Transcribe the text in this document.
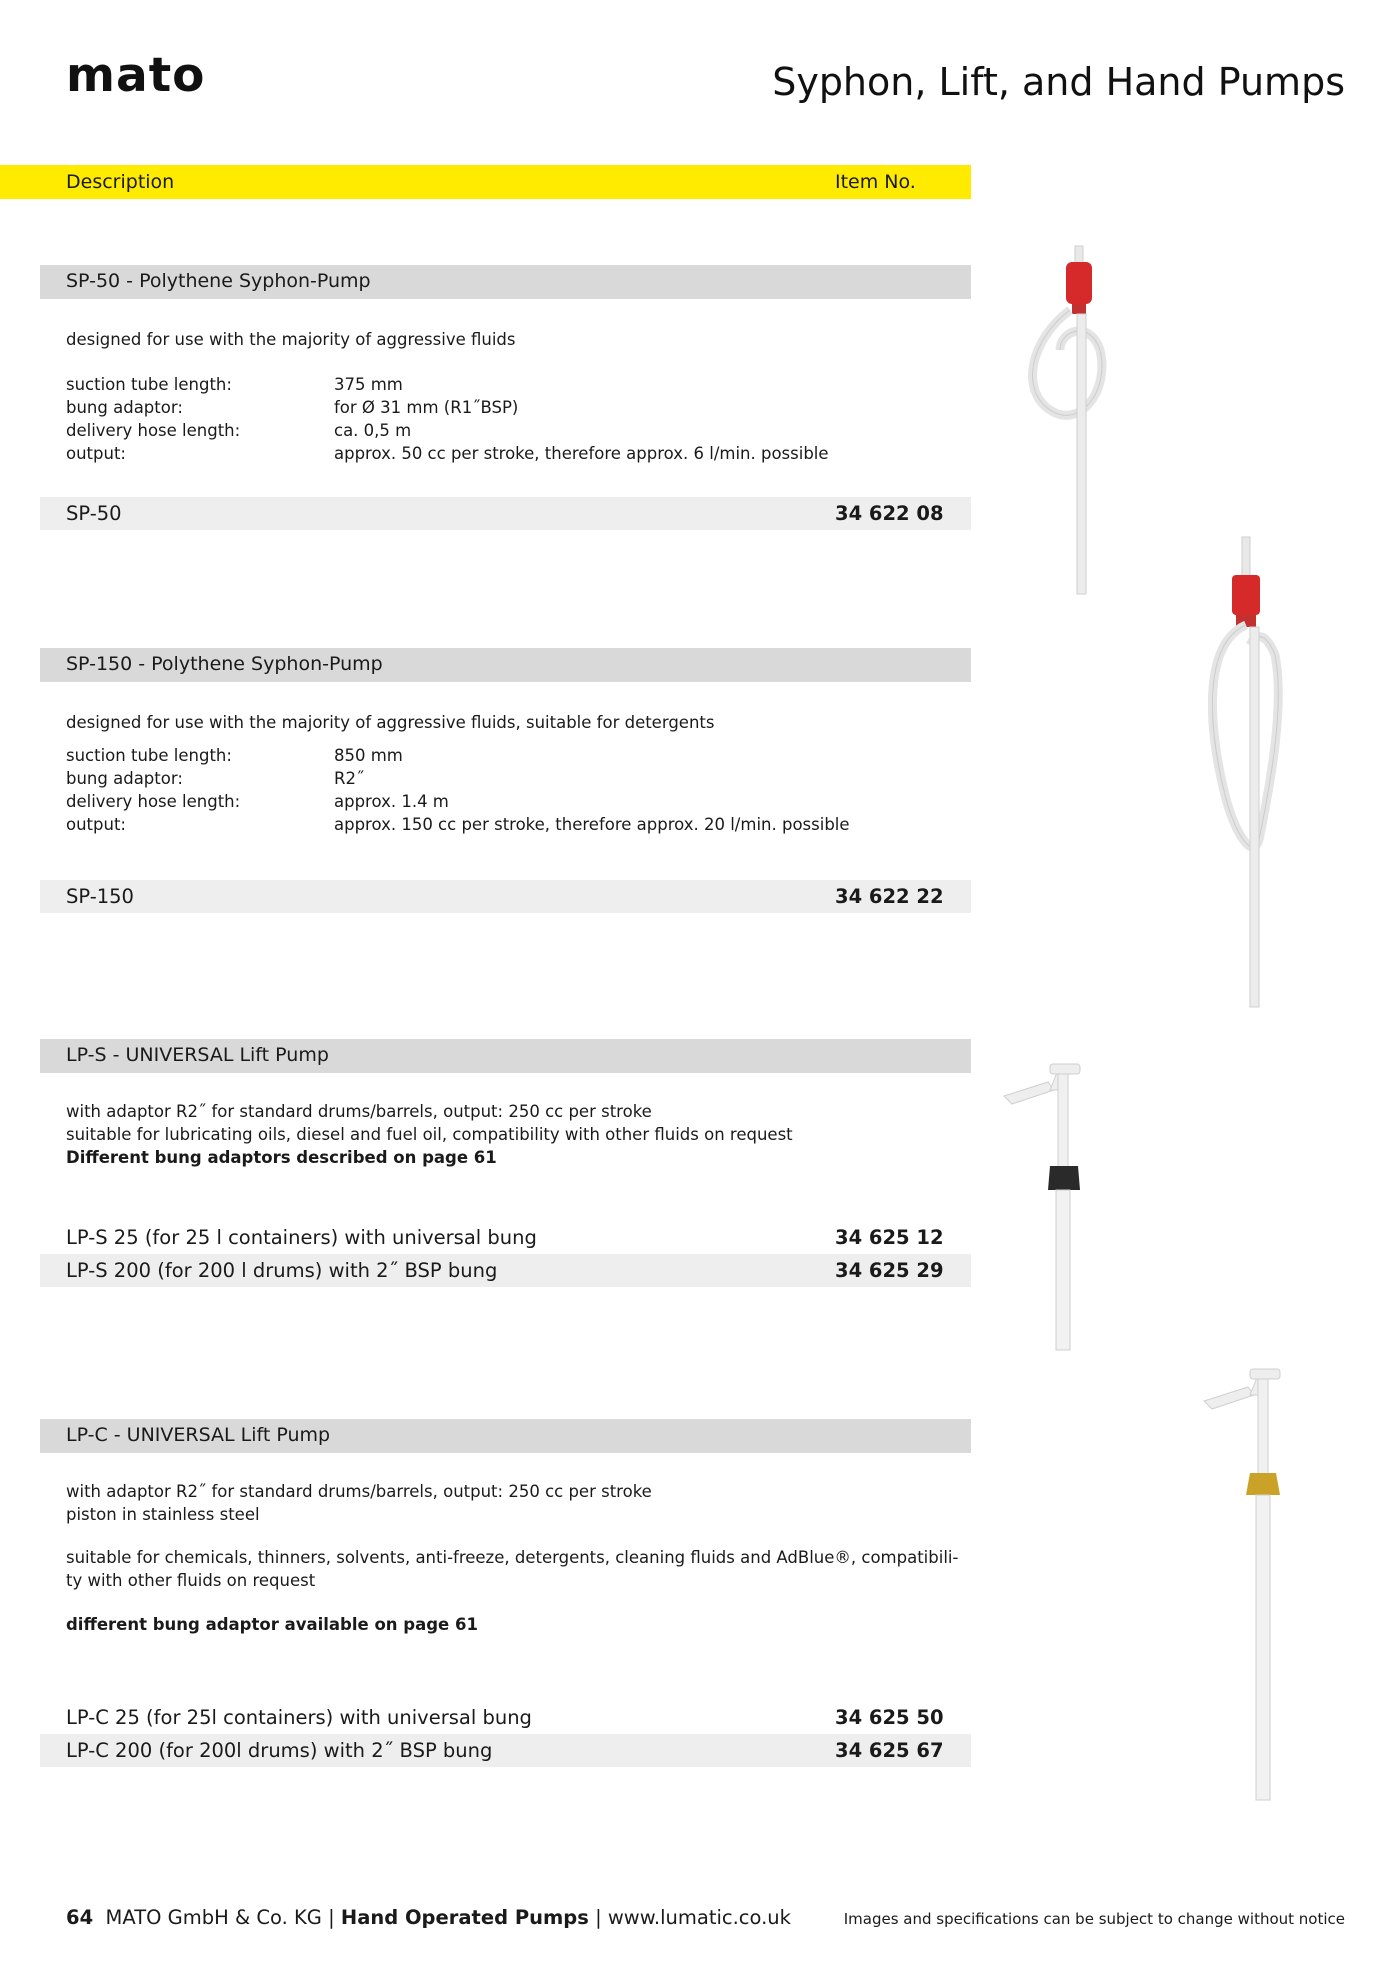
mato	Syphon, Lift, and Hand Pumps
Description	Item No.
SP-50 - Polythene Syphon-Pump
designed for use with the majority of aggressive fluids
suction tube length:	375 mm
bung adaptor:	for Ø 31 mm (R1˝BSP)
delivery hose length:	ca. 0,5 m
output:	approx. 50 cc per stroke, therefore approx. 6 l/min. possible
SP-50	34 622 08
SP-150 - Polythene Syphon-Pump
designed for use with the majority of aggressive fluids, suitable for detergents
suction tube length:	850 mm
bung adaptor:	R2˝
delivery hose length:	approx. 1.4 m
output:	approx. 150 cc per stroke, therefore approx. 20 l/min. possible
SP-150	34 622 22
LP-S - UNIVERSAL Lift Pump
with adaptor R2˝ for standard drums/barrels, output: 250 cc per stroke
suitable for lubricating oils, diesel and fuel oil, compatibility with other fluids on request
Different bung adaptors described on page 61
LP-S 25 (for 25 l containers) with universal bung	34 625 12
LP-S 200 (for 200 l drums) with 2˝ BSP bung	34 625 29
LP-C - UNIVERSAL Lift Pump
with adaptor R2˝ for standard drums/barrels, output: 250 cc per stroke
piston in stainless steel
suitable for chemicals, thinners, solvents, anti-freeze, detergents, cleaning fluids and AdBlue®, compatibili-
ty with other fluids on request
different bung adaptor available on page 61
LP-C 25 (for 25l containers) with universal bung	34 625 50
LP-C 200 (for 200l drums) with 2˝ BSP bung	34 625 67
64 MATO GmbH & Co. KG | Hand Operated Pumps | www.lumatic.co.uk	Images and specifications can be subject to change without notice
